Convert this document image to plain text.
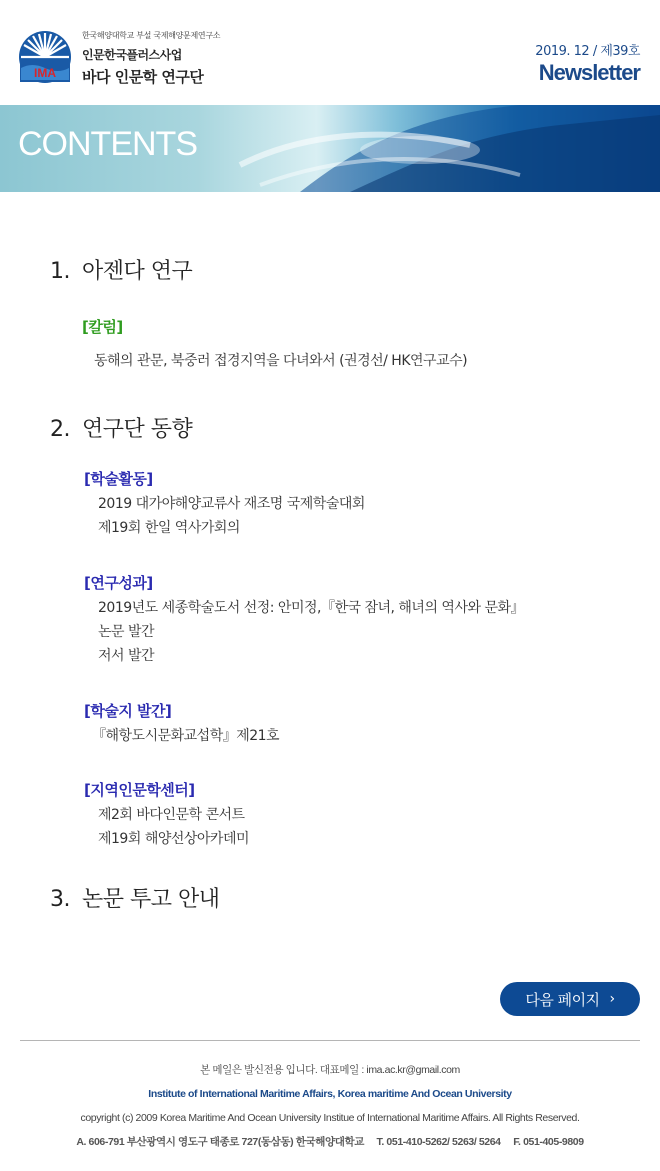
IMA
한국해양대학교 부설 국제해양문제연구소
인문한국플러스사업
바다 인문학 연구단
2019. 12 / 제39호
Newsletter
CONTENTS
1. 아젠다 연구
[칼럼]
동해의 관문, 북중러 접경지역을 다녀와서 (권경선/ HK연구교수)
2. 연구단 동향
[학술활동]
2019 대가야해양교류사 재조명 국제학술대회
제19회 한일 역사가회의
[연구성과]
2019년도 세종학술도서 선정: 안미정,『한국 잠녀, 해녀의 역사와 문화』
논문 발간
저서 발간
[학술지 발간]
『해항도시문화교섭학』제21호
[지역인문학센터]
제2회 바다인문학 콘서트
제19회 해양선상아카데미
3. 논문 투고 안내
다음 페이지 ›
본 메일은 발신전용 입니다. 대표메일 : ima.ac.kr@gmail.com
Institute of International Maritime Affairs, Korea maritime And Ocean University
copyright (c) 2009 Korea Maritime And Ocean University Institue of International Maritime Affairs. All Rights Reserved.
A. 606-791 부산광역시 영도구 태종로 727(동삼동) 한국해양대학교     T. 051-410-5262/ 5263/ 5264     F. 051-405-9809
